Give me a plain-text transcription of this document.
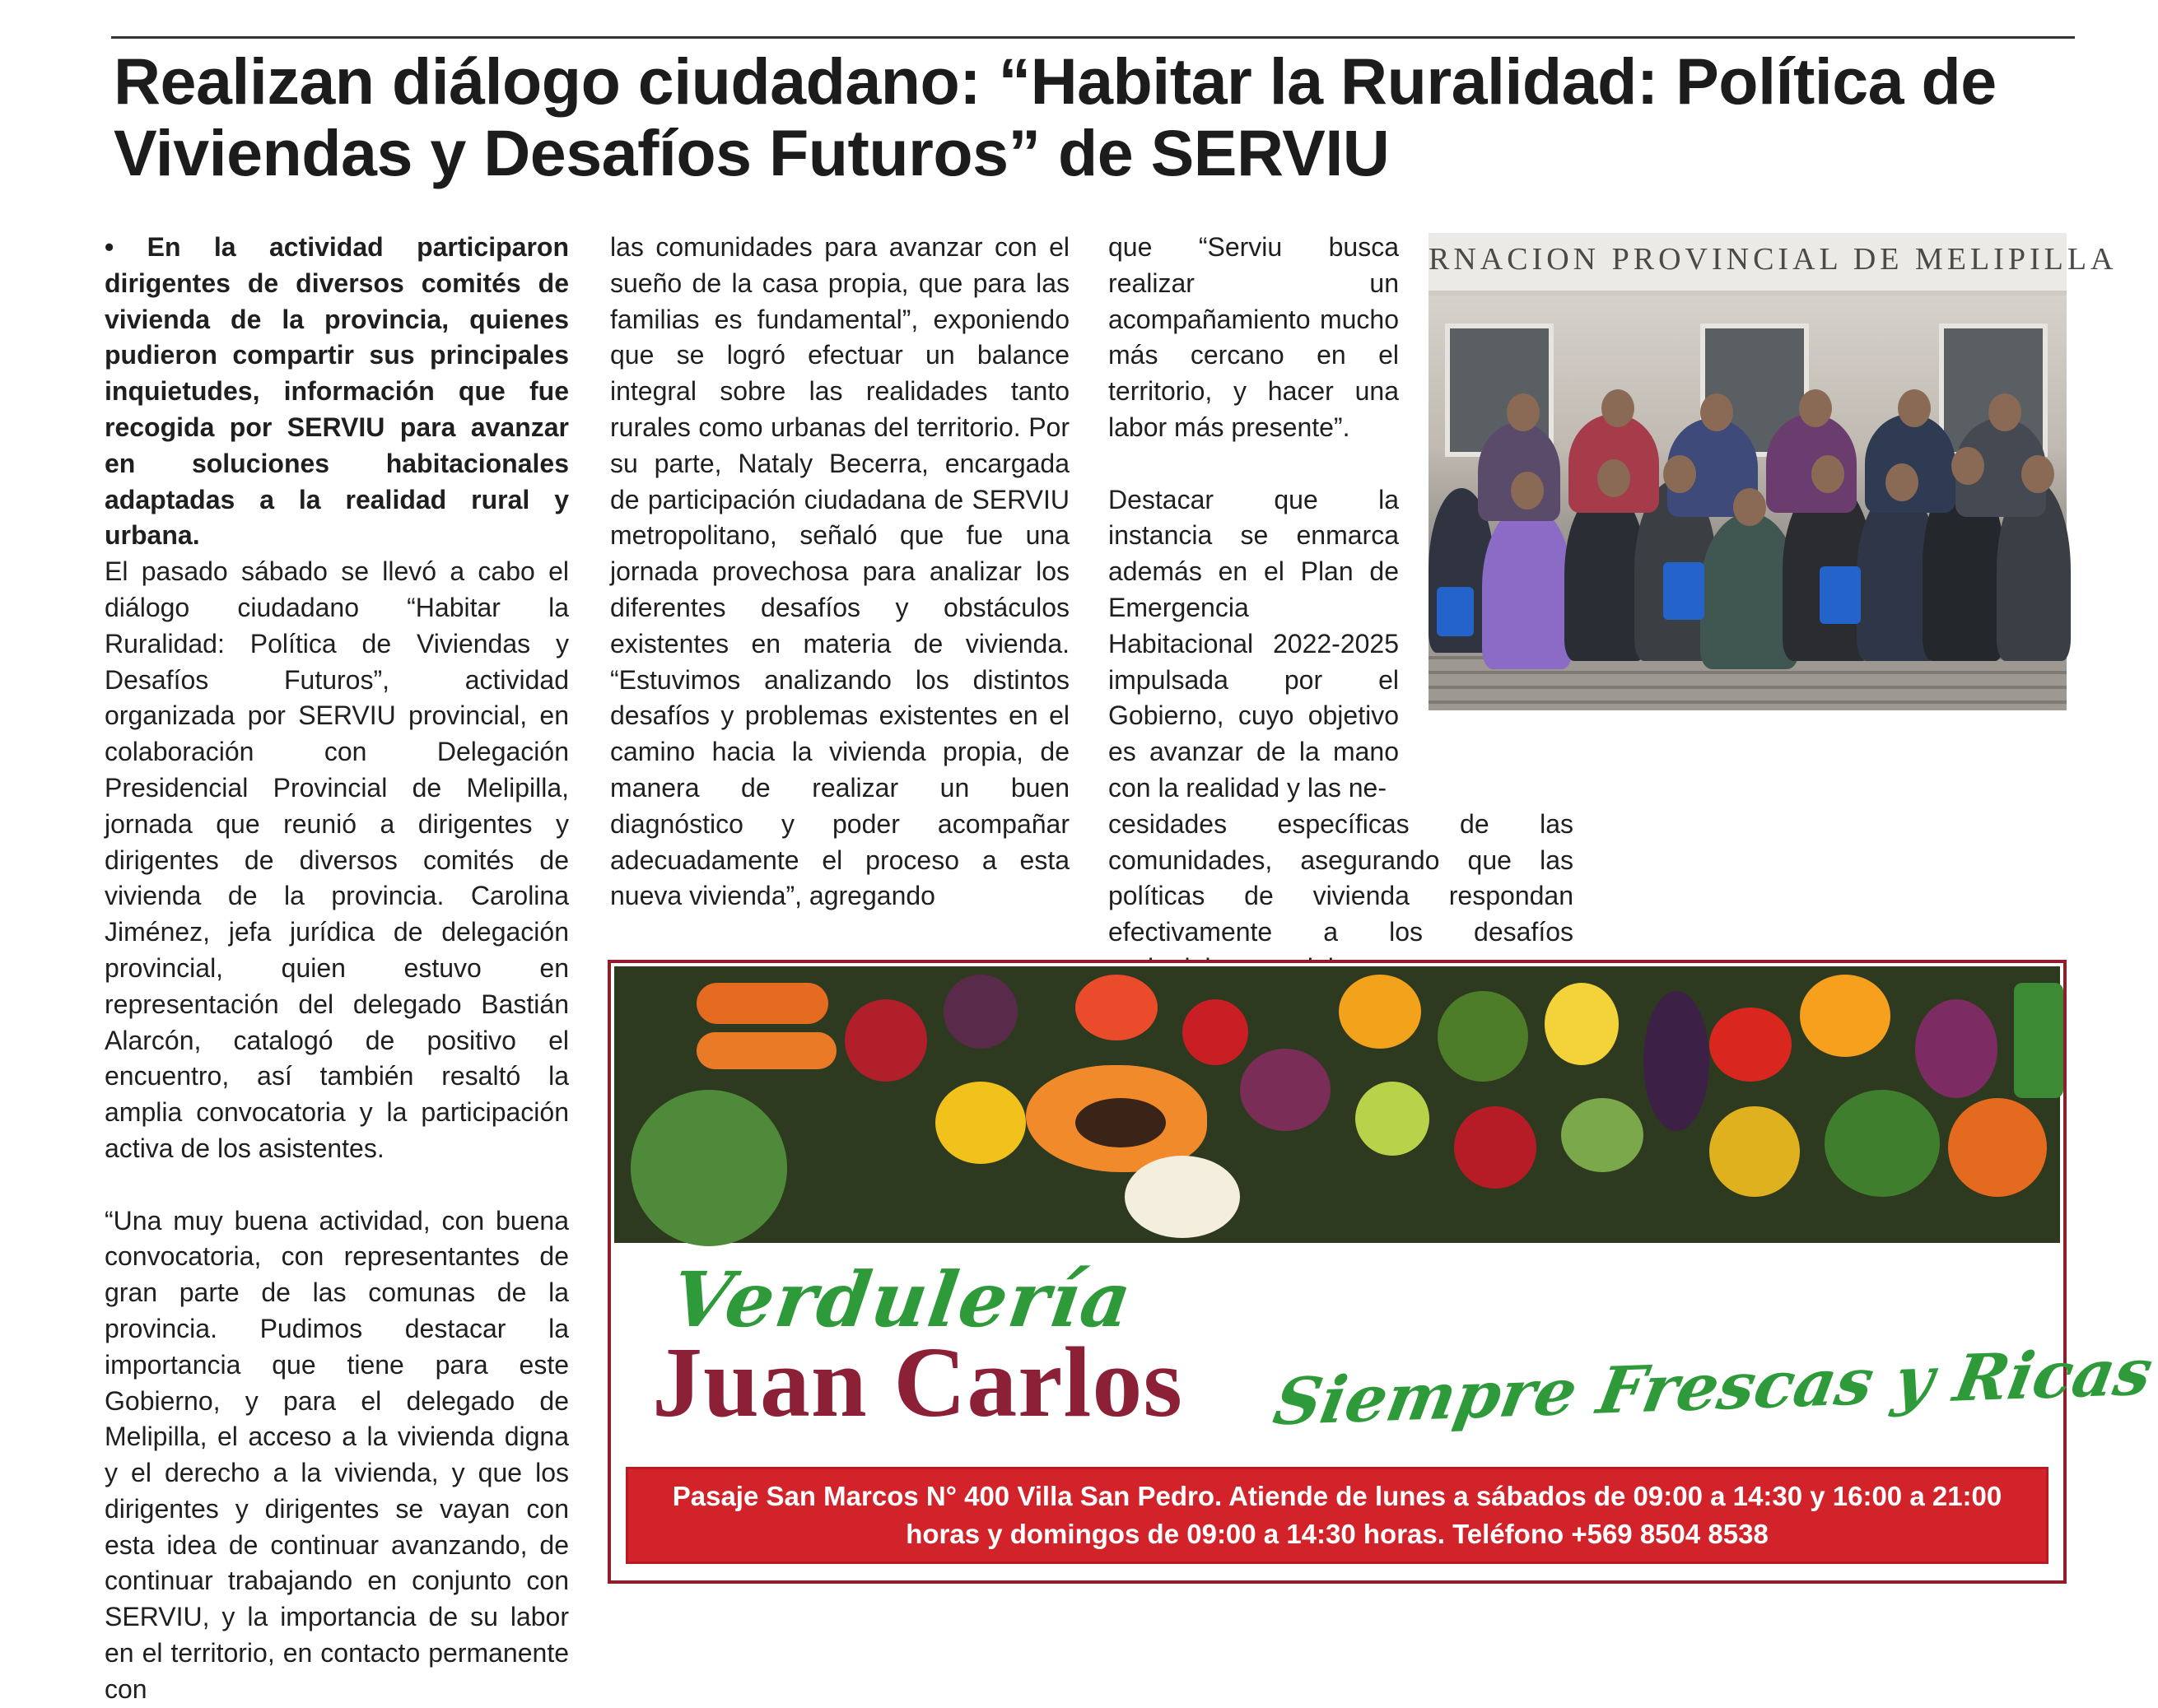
Realizan diálogo ciudadano: “Habitar la Ruralidad: Política de
Viviendas y Desafíos Futuros” de SERVIU

• En la actividad participaron dirigentes de diversos comités de vivienda de la provincia, quienes pudieron compartir sus principales inquietudes, información que fue recogida por SERVIU para avanzar en soluciones habitacionales adaptadas a la realidad rural y urbana.

El pasado sábado se llevó a cabo el diálogo ciudadano “Habitar la Ruralidad: Política de Viviendas y Desafíos Futuros”, actividad organizada por SERVIU provincial, en colaboración con Delegación Presidencial Provincial de Melipilla, jornada que reunió a dirigentes y dirigentes de diversos comités de vivienda de la provincia. Carolina Jiménez, jefa jurídica de delegación provincial, quien estuvo en representación del delegado Bastián Alarcón, catalogó de positivo el encuentro, así también resaltó la amplia convocatoria y la participación activa de los asistentes.

“Una muy buena actividad, con buena convocatoria, con representantes de gran parte de las comunas de la provincia. Pudimos destacar la importancia que tiene para este Gobierno, y para el delegado de Melipilla, el acceso a la vivienda digna y el derecho a la vivienda, y que los dirigentes y dirigentes se vayan con esta idea de continuar avanzando, de continuar trabajando en conjunto con SERVIU, y la importancia de su labor en el territorio, en contacto permanente con

las comunidades para avanzar con el sueño de la casa propia, que para las familias es fundamental”, exponiendo que se logró efectuar un balance integral sobre las realidades tanto rurales como urbanas del territorio. Por su parte, Nataly Becerra, encargada de participación ciudadana de SERVIU metropolitano, señaló que fue una jornada provechosa para analizar los diferentes desafíos y obstáculos existentes en materia de vivienda. “Estuvimos analizando los distintos desafíos y problemas existentes en el camino hacia la vivienda propia, de manera de realizar un buen diagnóstico y poder acompañar adecuadamente el proceso a esta nueva vivienda”, agregando

que “Serviu busca realizar un acompañamiento mucho más cercano en el territorio, y hacer una labor más presente”.

Destacar que la instancia se enmarca además en el Plan de Emergencia Habitacional 2022-2025 impulsada por el Gobierno, cuyo objetivo es avanzar de la mano con la realidad y las ne-

cesidades específicas de las comunidades, asegurando que las políticas de vivienda respondan efectivamente a los desafíos

RNACION PROVINCIAL DE MELIPILLA
Verdulería
Juan Carlos Siempre Frescas y Ricas
Pasaje San Marcos N° 400 Villa San Pedro. Atiende de lunes a sábados de 09:00 a 14:30 y 16:00 a 21:00
horas y domingos de 09:00 a 14:30 horas. Teléfono +569 8504 8538
